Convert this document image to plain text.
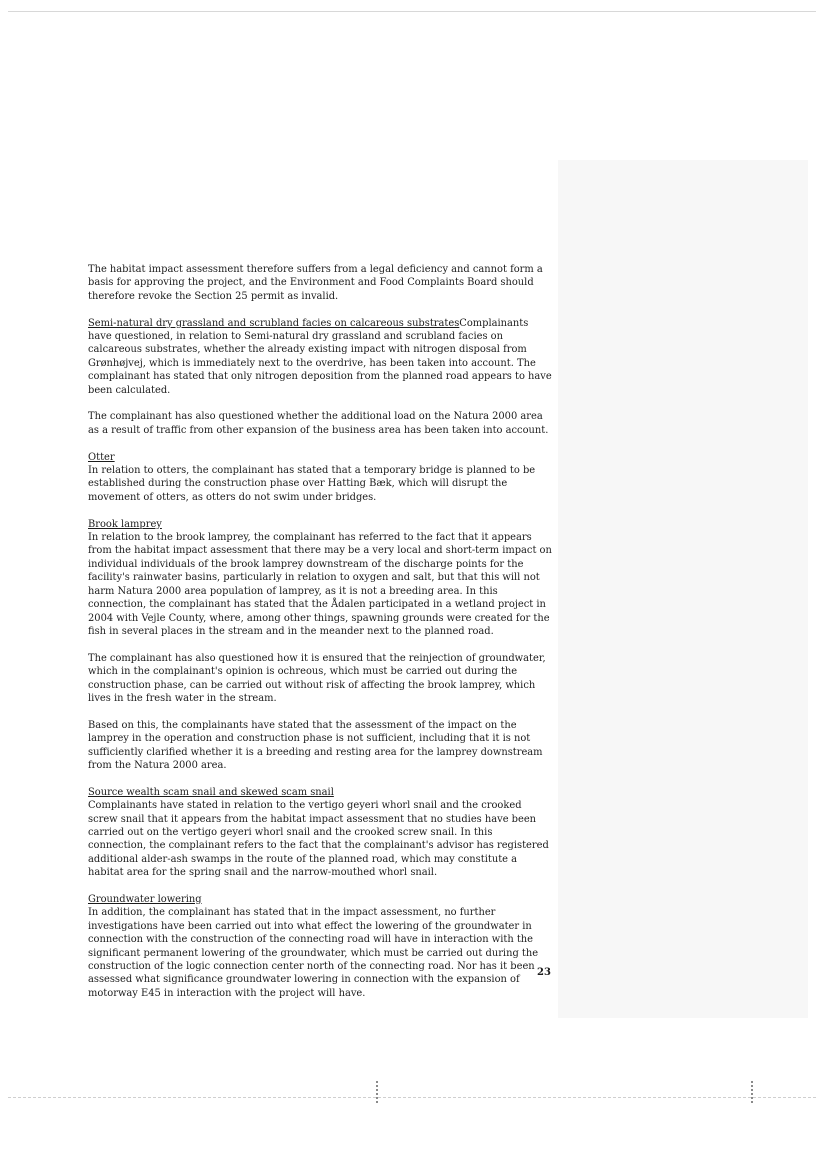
The habitat impact assessment therefore suffers from a legal deficiency and cannot form a basis for approving the project, and the Environment and Food Complaints Board should therefore revoke the Section 25 permit as invalid.

Semi-natural dry grassland and scrubland facies on calcareous substratesComplainants have questioned, in relation to Semi-natural dry grassland and scrubland facies on calcareous substrates, whether the already existing impact with nitrogen disposal from Grønhøjvej, which is immediately next to the overdrive, has been taken into account. The complainant has stated that only nitrogen deposition from the planned road appears to have been calculated.

The complainant has also questioned whether the additional load on the Natura 2000 area as a result of traffic from other expansion of the business area has been taken into account.

Otter
In relation to otters, the complainant has stated that a temporary bridge is planned to be established during the construction phase over Hatting Bæk, which will disrupt the movement of otters, as otters do not swim under bridges.

Brook lamprey
In relation to the brook lamprey, the complainant has referred to the fact that it appears from the habitat impact assessment that there may be a very local and short-term impact on individual individuals of the brook lamprey downstream of the discharge points for the facility's rainwater basins, particularly in relation to oxygen and salt, but that this will not harm Natura 2000 area population of lamprey, as it is not a breeding area. In this connection, the complainant has stated that the Ådalen participated in a wetland project in 2004 with Vejle County, where, among other things, spawning grounds were created for the fish in several places in the stream and in the meander next to the planned road.

The complainant has also questioned how it is ensured that the reinjection of groundwater, which in the complainant's opinion is ochreous, which must be carried out during the construction phase, can be carried out without risk of affecting the brook lamprey, which lives in the fresh water in the stream.

Based on this, the complainants have stated that the assessment of the impact on the lamprey in the operation and construction phase is not sufficient, including that it is not sufficiently clarified whether it is a breeding and resting area for the lamprey downstream from the Natura 2000 area.

Source wealth scam snail and skewed scam snail
Complainants have stated in relation to the vertigo geyeri whorl snail and the crooked screw snail that it appears from the habitat impact assessment that no studies have been carried out on the vertigo geyeri whorl snail and the crooked screw snail. In this connection, the complainant refers to the fact that the complainant's advisor has registered additional alder-ash swamps in the route of the planned road, which may constitute a habitat area for the spring snail and the narrow-mouthed whorl snail.

Groundwater lowering
In addition, the complainant has stated that in the impact assessment, no further investigations have been carried out into what effect the lowering of the groundwater in connection with the construction of the connecting road will have in interaction with the significant permanent lowering of the groundwater, which must be carried out during the construction of the logic connection center north of the connecting road. Nor has it been assessed what significance groundwater lowering in connection with the expansion of motorway E45 in interaction with the project will have.

23
